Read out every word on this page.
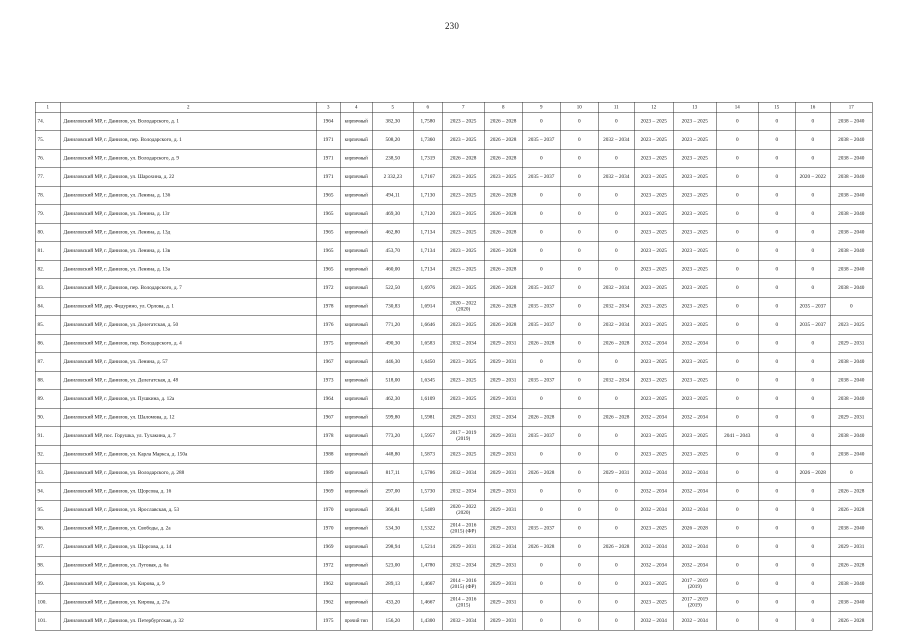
230
1	2	3	4	5	6	7	8	9	10	11	12	13	14	15	16	17
74.	Даниловский МР, г. Данилов, ул. Володарского, д. 1	1964	кирпичный	382,30	1,7580	2023 – 2025	2026 – 2028	0	0	0	2023 – 2025	2023 – 2025	0	0	0	2038 – 2040
75.	Даниловский МР, г. Данилов, пер. Володарского, д. 1	1971	кирпичный	508,20	1,7360	2023 – 2025	2026 – 2028	2035 – 2037	0	2032 – 2034	2023 – 2025	2023 – 2025	0	0	0	2038 – 2040
76.	Даниловский МР, г. Данилов, ул. Володарского, д. 9	1971	кирпичный	238,50	1,7319	2026 – 2028	2026 – 2028	0	0	0	2023 – 2025	2023 – 2025	0	0	0	2038 – 2040
77.	Даниловский МР, г. Данилов, ул. Шарохина, д. 22	1971	кирпичный	2 332,23	1,7167	2023 – 2025	2023 – 2025	2035 – 2037	0	2032 – 2034	2023 – 2025	2023 – 2025	0	0	2020 – 2022	2038 – 2040
78.	Даниловский МР, г. Данилов, ул. Ленина, д. 136	1965	кирпичный	494,11	1,7130	2023 – 2025	2026 – 2028	0	0	0	2023 – 2025	2023 – 2025	0	0	0	2038 – 2040
79.	Даниловский МР, г. Данилов, ул. Ленина, д. 13г	1965	кирпичный	469,30	1,7120	2023 – 2025	2026 – 2028	0	0	0	2023 – 2025	2023 – 2025	0	0	0	2038 – 2040
80.	Даниловский МР, г. Данилов, ул. Ленина, д. 13д	1965	кирпичный	462,80	1,7134	2023 – 2025	2026 – 2028	0	0	0	2023 – 2025	2023 – 2025	0	0	0	2038 – 2040
81.	Даниловский МР, г. Данилов, ул. Ленина, д. 13в	1965	кирпичный	453,70	1,7134	2023 – 2025	2026 – 2028	0	0	0	2023 – 2025	2023 – 2025	0	0	0	2038 – 2040
82.	Даниловский МР, г. Данилов, ул. Ленина, д. 13а	1965	кирпичный	460,00	1,7134	2023 – 2025	2026 – 2028	0	0	0	2023 – 2025	2023 – 2025	0	0	0	2038 – 2040
83.	Даниловский МР, г. Данилов, пер. Володарского, д. 7	1972	кирпичный	522,50	1,6976	2023 – 2025	2026 – 2028	2035 – 2037	0	2032 – 2034	2023 – 2025	2023 – 2025	0	0	0	2038 – 2040
84.	Даниловский МР, дер. Федурино, ул. Орлова, д. 1	1978	кирпичный	730,83	1,6914	2020 – 2022
(2020)	2026 – 2028	2035 – 2037	0	2032 – 2034	2023 – 2025	2023 – 2025	0	0	2035 – 2037	0
85.	Даниловский МР, г. Данилов, ул. Делегатская, д. 50	1976	кирпичный	771,20	1,6646	2023 – 2025	2026 – 2028	2035 – 2037	0	2032 – 2034	2023 – 2025	2023 – 2025	0	0	2035 – 2037	2023 – 2025
86.	Даниловский МР, г. Данилов, пер. Володарского, д. 4	1975	кирпичный	490,30	1,6583	2032 – 2034	2029 – 2031	2026 – 2028	0	2026 – 2028	2032 – 2034	2032 – 2034	0	0	0	2029 – 2031
87.	Даниловский МР, г. Данилов, ул. Ленина, д. 57	1967	кирпичный	446,30	1,6450	2023 – 2025	2029 – 2031	0	0	0	2023 – 2025	2023 – 2025	0	0	0	2038 – 2040
88.	Даниловский МР, г. Данилов, ул. Делегатская, д. 48	1973	кирпичный	518,00	1,6345	2023 – 2025	2029 – 2031	2035 – 2037	0	2032 – 2034	2023 – 2025	2023 – 2025	0	0	0	2038 – 2040
89.	Даниловский МР, г. Данилов, ул. Пушкина, д. 12а	1964	кирпичный	462,30	1,6109	2023 – 2025	2029 – 2031	0	0	0	2023 – 2025	2023 – 2025	0	0	0	2038 – 2040
90.	Даниловский МР, г. Данилов, ул. Шаломова, д. 12	1967	кирпичный	599,80	1,5981	2029 – 2031	2032 – 2034	2026 – 2028	0	2026 – 2028	2032 – 2034	2032 – 2034	0	0	0	2029 – 2031
91.	Даниловский МР, пос. Горушка, ул. Тухакина, д. 7	1978	кирпичный	773,20	1,5957	2017 – 2019
(2019)	2029 – 2031	2035 – 2037	0	0	2023 – 2025	2023 – 2025	2041 – 2043	0	0	2038 – 2040
92.	Даниловский МР, г. Данилов, ул. Карла Маркса, д. 150а	1988	кирпичный	448,80	1,5873	2023 – 2025	2029 – 2031	0	0	0	2023 – 2025	2023 – 2025	0	0	0	2038 – 2040
93.	Даниловский МР, г. Данилов, ул. Володарского, д. 288	1989	кирпичный	817,11	1,5786	2032 – 2034	2029 – 2031	2026 – 2028	0	2029 – 2031	2032 – 2034	2032 – 2034	0	0	2026 – 2028	0
94.	Даниловский МР, г. Данилов, ул. Щорсова, д. 16	1969	кирпичный	297,00	1,5730	2032 – 2034	2029 – 2031	0	0	0	2032 – 2034	2032 – 2034	0	0	0	2026 – 2028
95.	Даниловский МР, г. Данилов, ул. Ярославская, д. 53	1970	кирпичный	366,81	1,5409	2020 – 2022
(2020)	2029 – 2031	0	0	0	2032 – 2034	2032 – 2034	0	0	0	2026 – 2028
96.	Даниловский МР, г. Данилов, ул. Свободы, д. 2а	1970	кирпичный	534,30	1,5322	2014 – 2016
(2015) (ФР)	2029 – 2031	2035 – 2037	0	0	2023 – 2025	2026 – 2028	0	0	0	2038 – 2040
97.	Даниловский МР, г. Данилов, ул. Щорсова, д. 14	1969	кирпичный	298,94	1,5214	2029 – 2031	2032 – 2034	2026 – 2028	0	2026 – 2028	2032 – 2034	2032 – 2034	0	0	0	2029 – 2031
98.	Даниловский МР, г. Данилов, ул. Луговая, д. 6а	1972	кирпичный	523,00	1,4780	2032 – 2034	2029 – 2031	0	0	0	2032 – 2034	2032 – 2034	0	0	0	2026 – 2028
99.	Даниловский МР, г. Данилов, ул. Кирова, д. 9	1962	кирпичный	289,13	1,4667	2014 – 2016
(2015) (ФР)	2029 – 2031	0	0	0	2023 – 2025	2017 – 2019
(2019)	0	0	0	2038 – 2040
100.	Даниловский МР, г. Данилов, ул. Кирова, д. 27а	1962	кирпичный	433,20	1,4667	2014 – 2016
(2015)	2029 – 2031	0	0	0	2023 – 2025	2017 – 2019
(2019)	0	0	0	2038 – 2040
101.	Даниловский МР, г. Данилов, ул. Петербургская, д. 32	1975	прочий тип	156,20	1,4300	2032 – 2034	2029 – 2031	0	0	0	2032 – 2034	2032 – 2034	0	0	0	2026 – 2028
